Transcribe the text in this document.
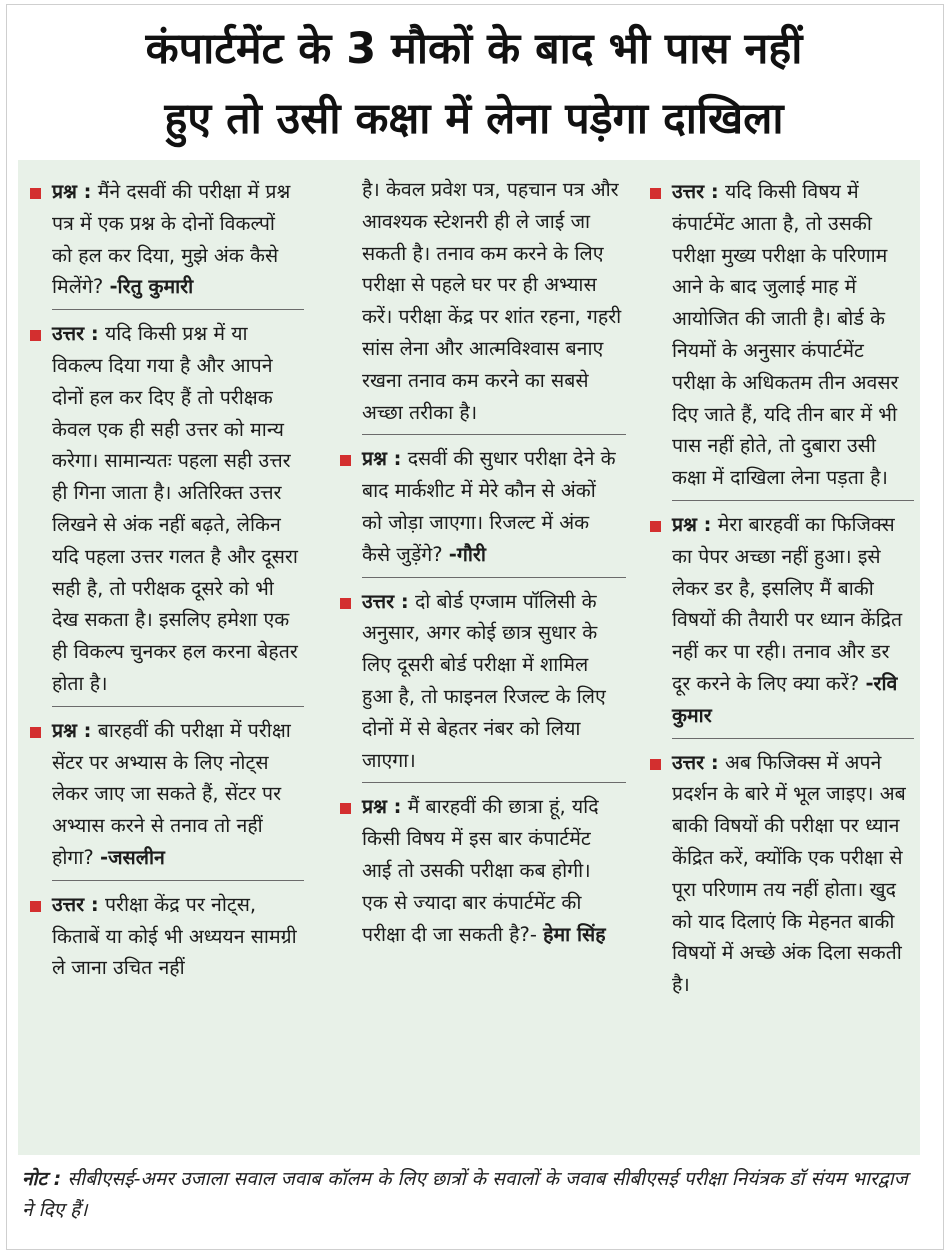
कंपार्टमेंट के 3 मौकों के बाद भी पास नहीं
हुए तो उसी कक्षा में लेना पड़ेगा दाखिला
प्रश्न : मैंने दसवीं की परीक्षा में प्रश्न पत्र में एक प्रश्न के दोनों विकल्पों को हल कर दिया, मुझे अंक कैसे मिलेंगे? -रितु कुमारी
उत्तर : यदि किसी प्रश्न में या विकल्प दिया गया है और आपने दोनों हल कर दिए हैं तो परीक्षक केवल एक ही सही उत्तर को मान्य करेगा। सामान्यतः पहला सही उत्तर ही गिना जाता है। अतिरिक्त उत्तर लिखने से अंक नहीं बढ़ते, लेकिन यदि पहला उत्तर गलत है और दूसरा सही है, तो परीक्षक दूसरे को भी देख सकता है। इसलिए हमेशा एक ही विकल्प चुनकर हल करना बेहतर होता है।
प्रश्न : बारहवीं की परीक्षा में परीक्षा सेंटर पर अभ्यास के लिए नोट्स लेकर जाए जा सकते हैं, सेंटर पर अभ्यास करने से तनाव तो नहीं होगा? -जसलीन
उत्तर : परीक्षा केंद्र पर नोट्स, किताबें या कोई भी अध्ययन सामग्री ले जाना उचित नहीं
है। केवल प्रवेश पत्र, पहचान पत्र और आवश्यक स्टेशनरी ही ले जाई जा सकती है। तनाव कम करने के लिए परीक्षा से पहले घर पर ही अभ्यास करें। परीक्षा केंद्र पर शांत रहना, गहरी सांस लेना और आत्मविश्वास बनाए रखना तनाव कम करने का सबसे अच्छा तरीका है।
प्रश्न : दसवीं की सुधार परीक्षा देने के बाद मार्कशीट में मेरे कौन से अंकों को जोड़ा जाएगा। रिजल्ट में अंक कैसे जुड़ेंगे? -गौरी
उत्तर : दो बोर्ड एग्जाम पॉलिसी के अनुसार, अगर कोई छात्र सुधार के लिए दूसरी बोर्ड परीक्षा में शामिल हुआ है, तो फाइनल रिजल्ट के लिए दोनों में से बेहतर नंबर को लिया जाएगा।
प्रश्न : मैं बारहवीं की छात्रा हूं, यदि किसी विषय में इस बार कंपार्टमेंट आई तो उसकी परीक्षा कब होगी। एक से ज्यादा बार कंपार्टमेंट की परीक्षा दी जा सकती है?- हेमा सिंह
उत्तर : यदि किसी विषय में कंपार्टमेंट आता है, तो उसकी परीक्षा मुख्य परीक्षा के परिणाम आने के बाद जुलाई माह में आयोजित की जाती है। बोर्ड के नियमों के अनुसार कंपार्टमेंट परीक्षा के अधिकतम तीन अवसर दिए जाते हैं, यदि तीन बार में भी पास नहीं होते, तो दुबारा उसी कक्षा में दाखिला लेना पड़ता है।
प्रश्न : मेरा बारहवीं का फिजिक्स का पेपर अच्छा नहीं हुआ। इसे लेकर डर है, इसलिए मैं बाकी विषयों की तैयारी पर ध्यान केंद्रित नहीं कर पा रही। तनाव और डर दूर करने के लिए क्या करें? -रवि कुमार
उत्तर : अब फिजिक्स में अपने प्रदर्शन के बारे में भूल जाइए। अब बाकी विषयों की परीक्षा पर ध्यान केंद्रित करें, क्योंकि एक परीक्षा से पूरा परिणाम तय नहीं होता। खुद को याद दिलाएं कि मेहनत बाकी विषयों में अच्छे अंक दिला सकती है।
नोट : सीबीएसई-अमर उजाला सवाल जवाब कॉलम के लिए छात्रों के सवालों के जवाब सीबीएसई परीक्षा नियंत्रक डॉ संयम भारद्वाज ने दिए हैं।
